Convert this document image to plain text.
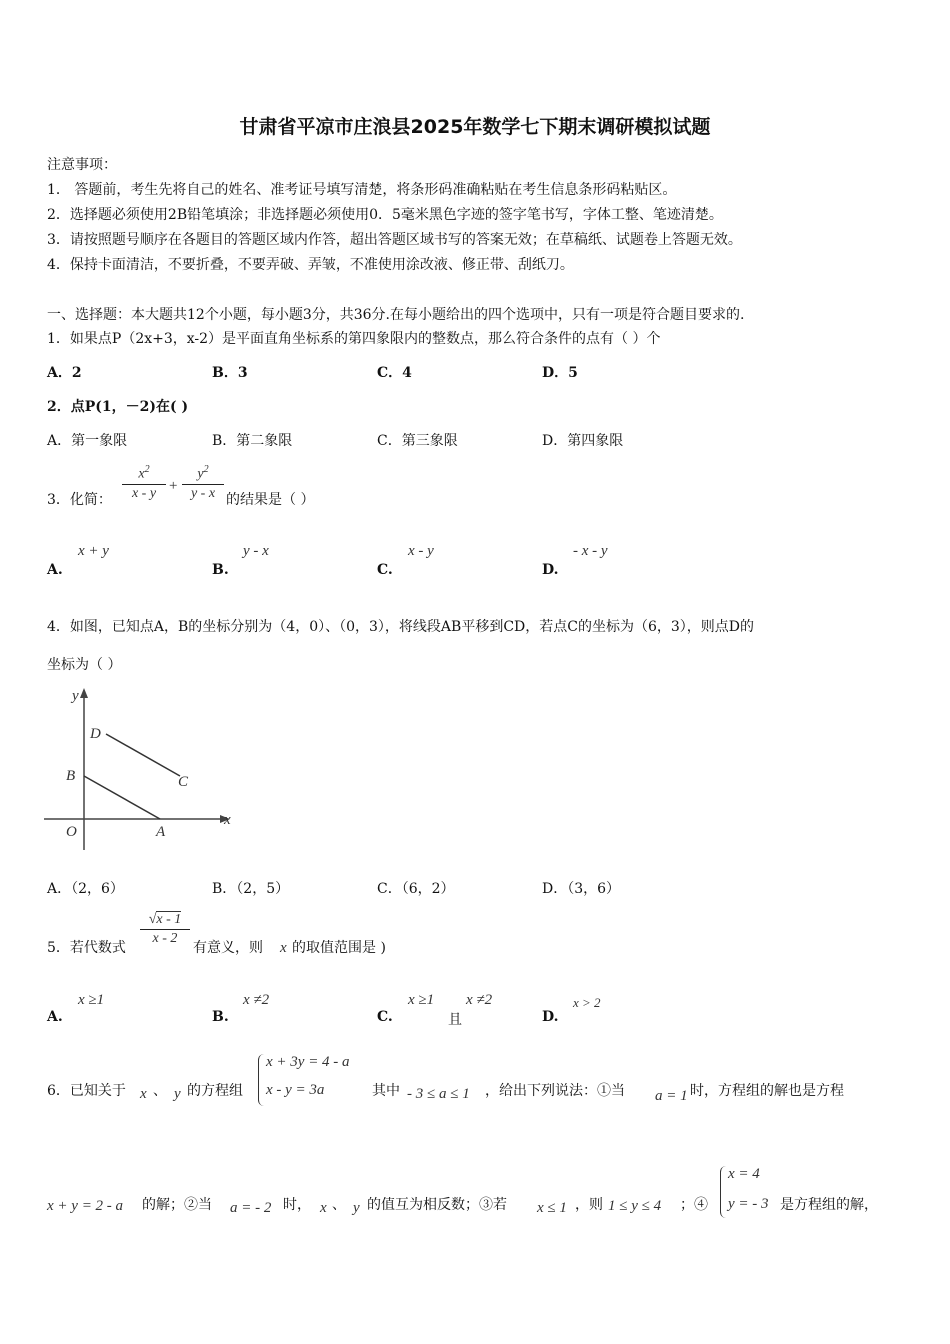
甘肃省平凉市庄浪县2025年数学七下期末调研模拟试题
注意事项：
1． 答题前，考生先将自己的姓名、准考证号填写清楚，将条形码准确粘贴在考生信息条形码粘贴区。
2．选择题必须使用2B铅笔填涂；非选择题必须使用0．5毫米黑色字迹的签字笔书写，字体工整、笔迹清楚。
3．请按照题号顺序在各题目的答题区域内作答，超出答题区域书写的答案无效；在草稿纸、试题卷上答题无效。
4．保持卡面清洁，不要折叠，不要弄破、弄皱，不准使用涂改液、修正带、刮纸刀。
一、选择题：本大题共12个小题，每小题3分，共36分.在每小题给出的四个选项中，只有一项是符合题目要求的.
1．如果点P（2x+3，x-2）是平面直角坐标系的第四象限内的整数点，那么符合条件的点有（ ）个
A．2	B．3	C．4	D．5
2．点P(1，－2)在( )
A．第一象限	B．第二象限	C．第三象限	D．第四象限
3．化简：
$x^2$
x - y +
$y^2$
y - x 的结果是（ ）
A.
x + y
B.
y - x
C.
x - y
D.
- x - y
4．如图，已知点A，B的坐标分别为（4，0）、（0，3），将线段AB平移到CD，若点C的坐标为（6，3），则点D的
坐标为（ ）
y
x
D
B	C
O	A
A．（2，6）	B．（2，5）	C．（6，2）	D．（3，6）
5．若代数式
√x - 1
x - 2
有意义，则 x 的取值范围是 )
A.
x ≥1
B.
x ≠2
C.
x ≥1
且
x ≠2
D.
x > 2
6．已知关于 x 、 y 的方程组
x + 3y = 4 - a
x - y = 3a	其中 - 3 ≤ a ≤ 1 ，给出下列说法：①当 a = 1 时，方程组的解也是方程
x + y = 2 - a 的解；②当 a = - 2 时， x 、 y 的值互为相反数；③若 x ≤ 1 ，则 1 ≤ y ≤ 4 ；④
x = 4
y = - 3 是方程组的解，
